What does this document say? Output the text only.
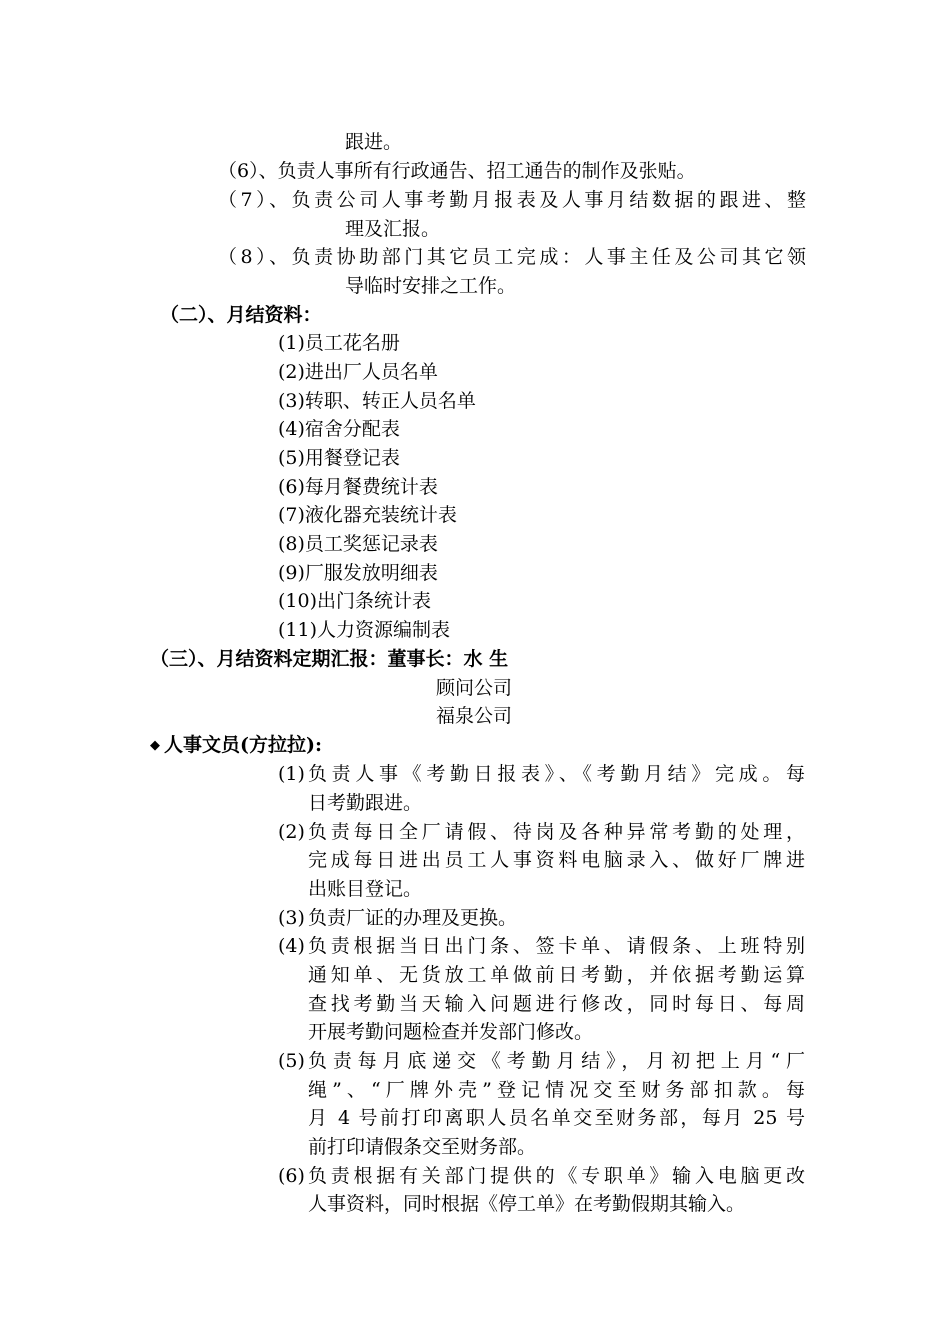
跟进。
（6）、负责人事所有行政通告、招工通告的制作及张贴。
（7）、负责公司人事考勤月报表及人事月结数据的跟进、整
理及汇报。
（8）、负责协助部门其它员工完成：人事主任及公司其它领
导临时安排之工作。
（二）、月结资料：
(1)员工花名册
(2)进出厂人员名单
(3)转职、转正人员名单
(4)宿舍分配表
(5)用餐登记表
(6)每月餐费统计表
(7)液化器充装统计表
(8)员工奖惩记录表
(9)厂服发放明细表
(10)出门条统计表
(11)人力资源编制表
（三）、月结资料定期汇报：董事长：水 生
顾问公司
福泉公司
◆ 人事文员(方拉拉):
(1) 负责人事《考勤日报表》、《考勤月结》完成。每
日考勤跟进。
(2) 负责每日全厂请假、待岗及各种异常考勤的处理，
完成每日进出员工人事资料电脑录入、做好厂牌进
出账目登记。
(3) 负责厂证的办理及更换。
(4) 负责根据当日出门条、签卡单、请假条、上班特别
通知单、无货放工单做前日考勤，并依据考勤运算
查找考勤当天输入问题进行修改，同时每日、每周
开展考勤问题检查并发部门修改。
(5) 负责每月底递交《考勤月结》，月初把上月“厂
绳”、“厂牌外壳”登记情况交至财务部扣款。每
月 4 号前打印离职人员名单交至财务部，每月 25 号
前打印请假条交至财务部。
(6) 负责根据有关部门提供的《专职单》输入电脑更改
人事资料，同时根据《停工单》在考勤假期其输入。
